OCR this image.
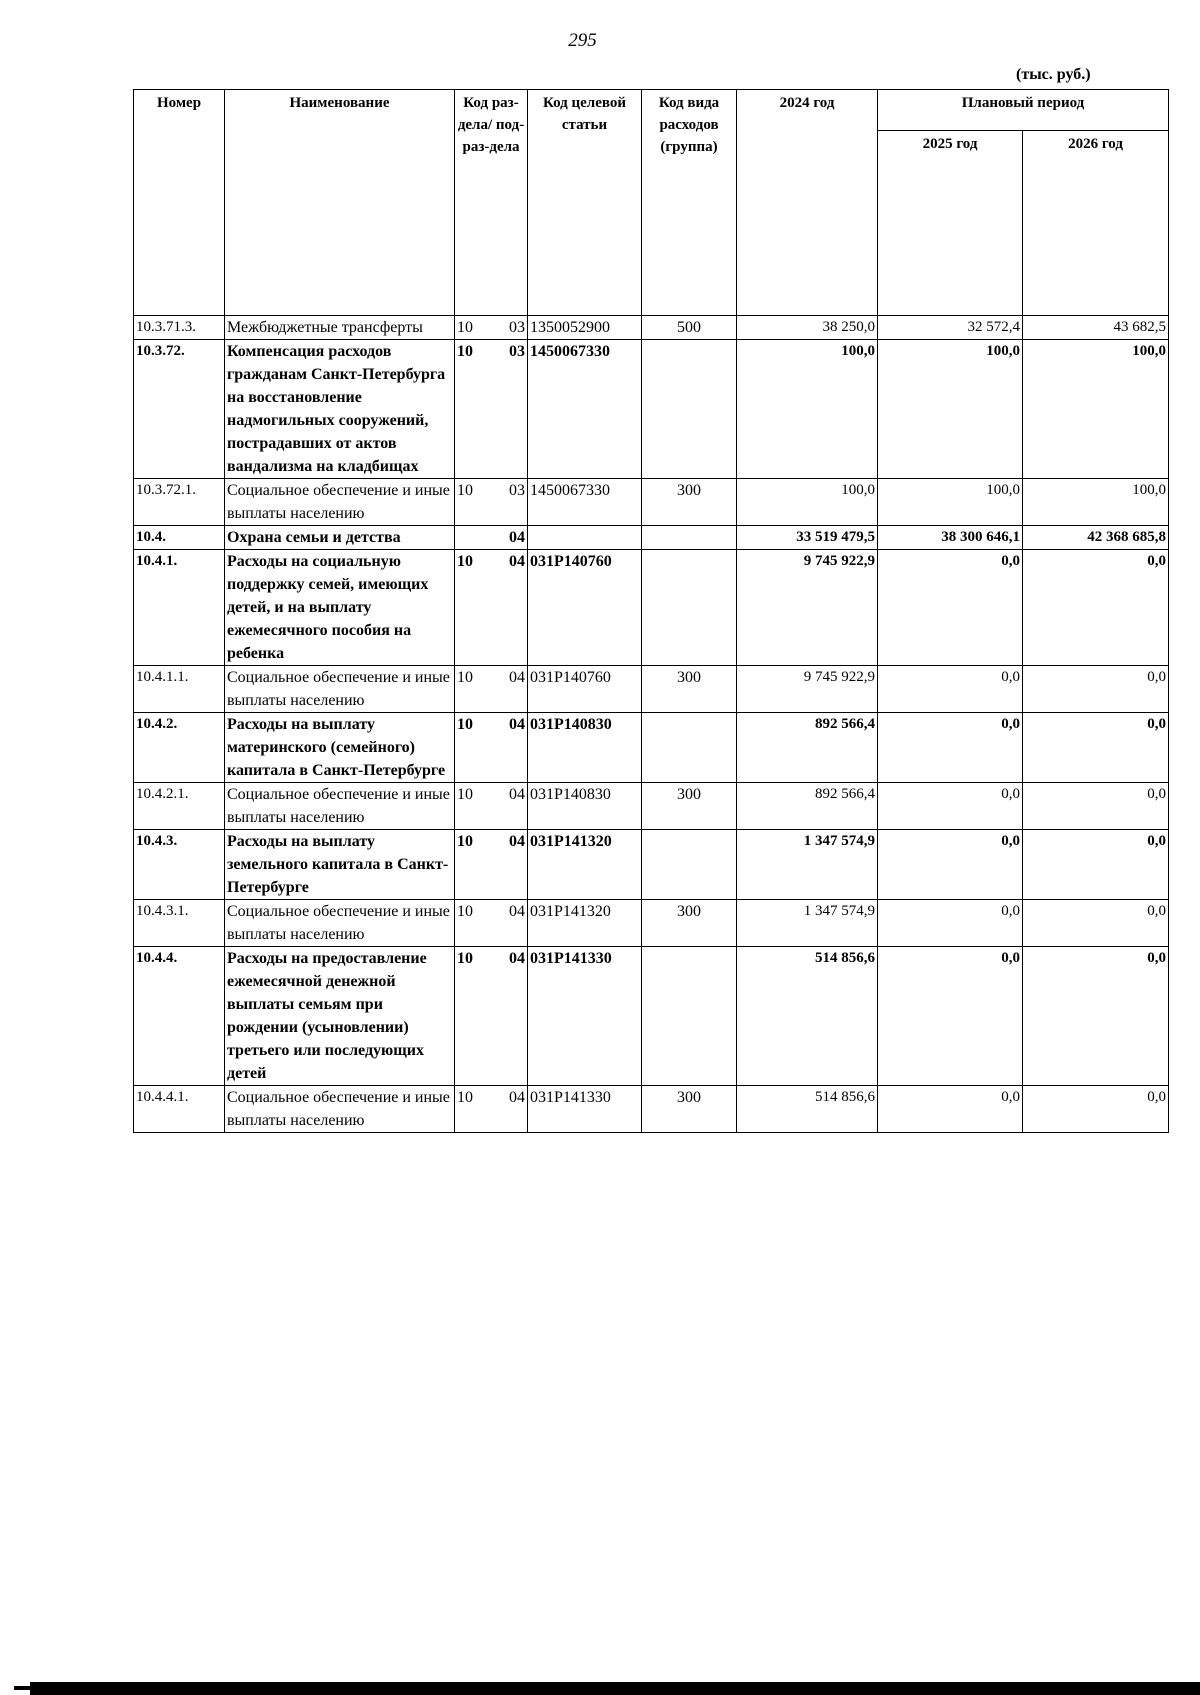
295
(тыс. руб.)
Номер	Наименование	Код раз-дела/ под-раз-дела	Код целевой статьи	Код вида расходов (группа)	2024 год	Плановый период	
						2025 год	2026 год
10.3.71.3.	Межбюджетные трансферты	10 03	1350052900	500	38 250,0	32 572,4	43 682,5
10.3.72.	Компенсация расходов гражданам Санкт-Петербурга на восстановление надмогильных сооружений, пострадавших от актов вандализма на кладбищах	10 03	1450067330		100,0	100,0	100,0
10.3.72.1.	Социальное обеспечение и иные выплаты населению	10 03	1450067330	300	100,0	100,0	100,0
10.4.	Охрана семьи и детства	04			33 519 479,5	38 300 646,1	42 368 685,8
10.4.1.	Расходы на социальную поддержку семей, имеющих детей, и на выплату ежемесячного пособия на ребенка	10 04	031P140760		9 745 922,9	0,0	0,0
10.4.1.1.	Социальное обеспечение и иные выплаты населению	10 04	031P140760	300	9 745 922,9	0,0	0,0
10.4.2.	Расходы на выплату материнского (семейного) капитала в Санкт-Петербурге	10 04	031P140830		892 566,4	0,0	0,0
10.4.2.1.	Социальное обеспечение и иные выплаты населению	10 04	031P140830	300	892 566,4	0,0	0,0
10.4.3.	Расходы на выплату земельного капитала в Санкт-Петербурге	10 04	031P141320		1 347 574,9	0,0	0,0
10.4.3.1.	Социальное обеспечение и иные выплаты населению	10 04	031P141320	300	1 347 574,9	0,0	0,0
10.4.4.	Расходы на предоставление ежемесячной денежной выплаты семьям при рождении (усыновлении) третьего или последующих детей	10 04	031P141330		514 856,6	0,0	0,0
10.4.4.1.	Социальное обеспечение и иные выплаты населению	10 04	031P141330	300	514 856,6	0,0	0,0
